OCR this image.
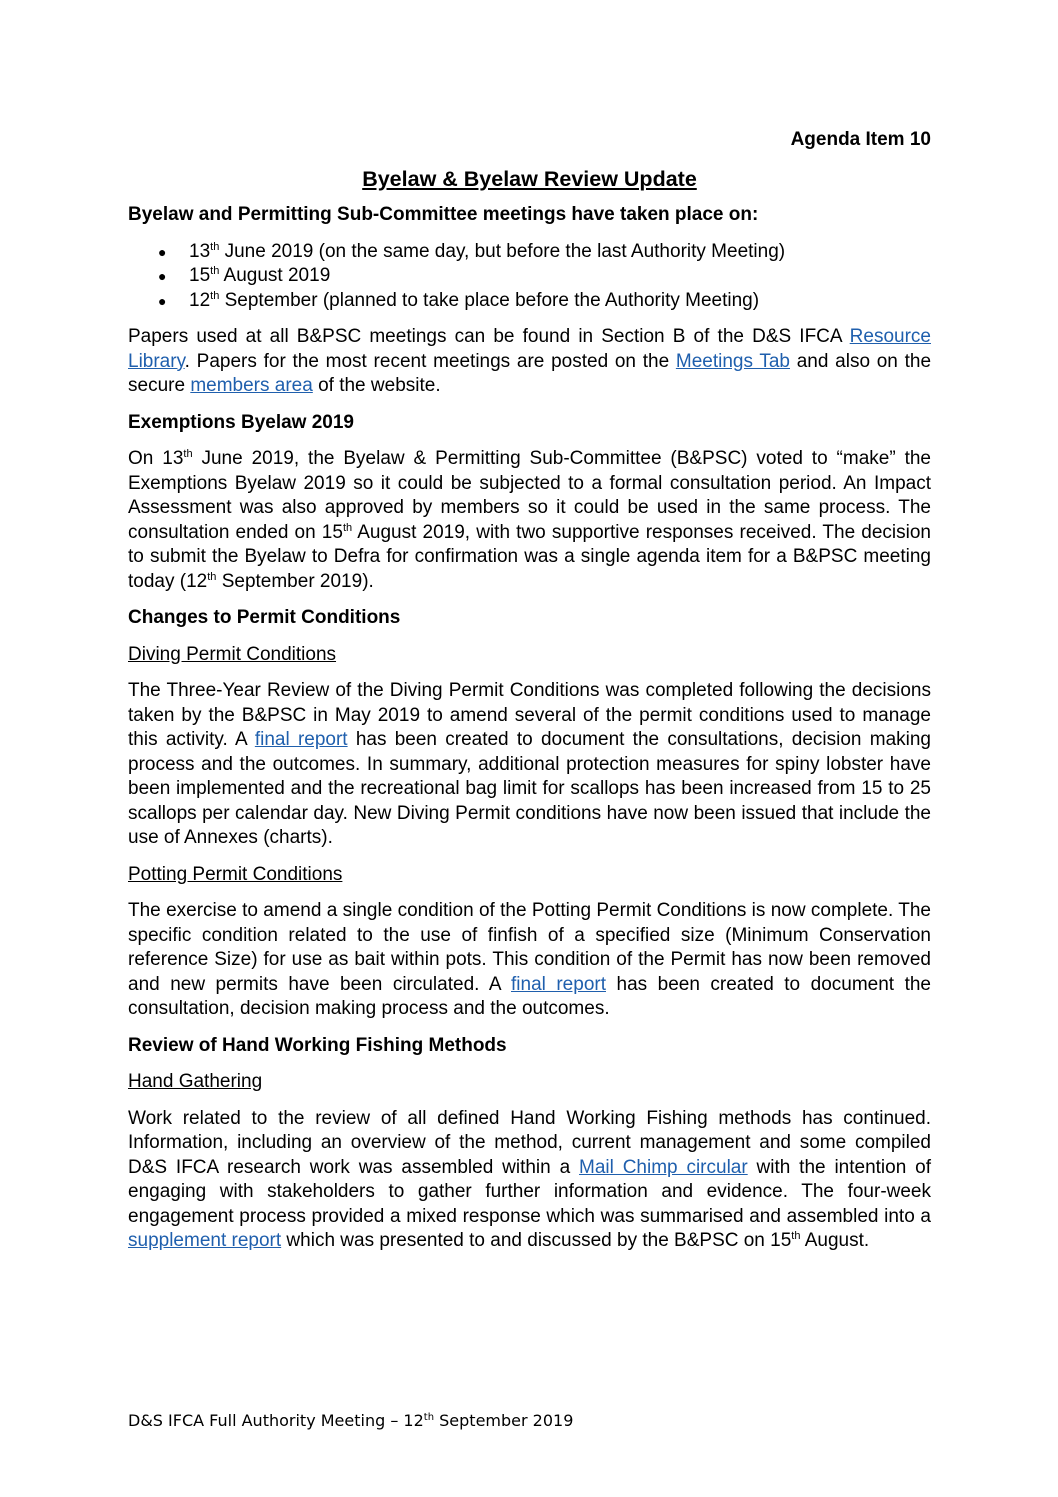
Agenda Item 10
Byelaw & Byelaw Review Update
Byelaw and Permitting Sub-Committee meetings have taken place on:
● 13th June 2019 (on the same day, but before the last Authority Meeting)
● 15th August 2019
● 12th September (planned to take place before the Authority Meeting)

Papers used at all B&PSC meetings can be found in Section B of the D&S IFCA Resource Library. Papers for the most recent meetings are posted on the Meetings Tab and also on the secure members area of the website.

Exemptions Byelaw 2019

On 13th June 2019, the Byelaw & Permitting Sub-Committee (B&PSC) voted to “make” the Exemptions Byelaw 2019 so it could be subjected to a formal consultation period. An Impact Assessment was also approved by members so it could be used in the same process. The consultation ended on 15th August 2019, with two supportive responses received. The decision to submit the Byelaw to Defra for confirmation was a single agenda item for a B&PSC meeting today (12th September 2019).

Changes to Permit Conditions
Diving Permit Conditions

The Three-Year Review of the Diving Permit Conditions was completed following the decisions taken by the B&PSC in May 2019 to amend several of the permit conditions used to manage this activity. A final report has been created to document the consultations, decision making process and the outcomes. In summary, additional protection measures for spiny lobster have been implemented and the recreational bag limit for scallops has been increased from 15 to 25 scallops per calendar day. New Diving Permit conditions have now been issued that include the use of Annexes (charts).

Potting Permit Conditions

The exercise to amend a single condition of the Potting Permit Conditions is now complete. The specific condition related to the use of finfish of a specified size (Minimum Conservation reference Size) for use as bait within pots. This condition of the Permit has now been removed and new permits have been circulated. A final report has been created to document the consultation, decision making process and the outcomes.

Review of Hand Working Fishing Methods
Hand Gathering

Work related to the review of all defined Hand Working Fishing methods has continued. Information, including an overview of the method, current management and some compiled D&S IFCA research work was assembled within a Mail Chimp circular with the intention of engaging with stakeholders to gather further information and evidence. The four-week engagement process provided a mixed response which was summarised and assembled into a supplement report which was presented to and discussed by the B&PSC on 15th August.

D&S IFCA Full Authority Meeting – 12th September 2019
